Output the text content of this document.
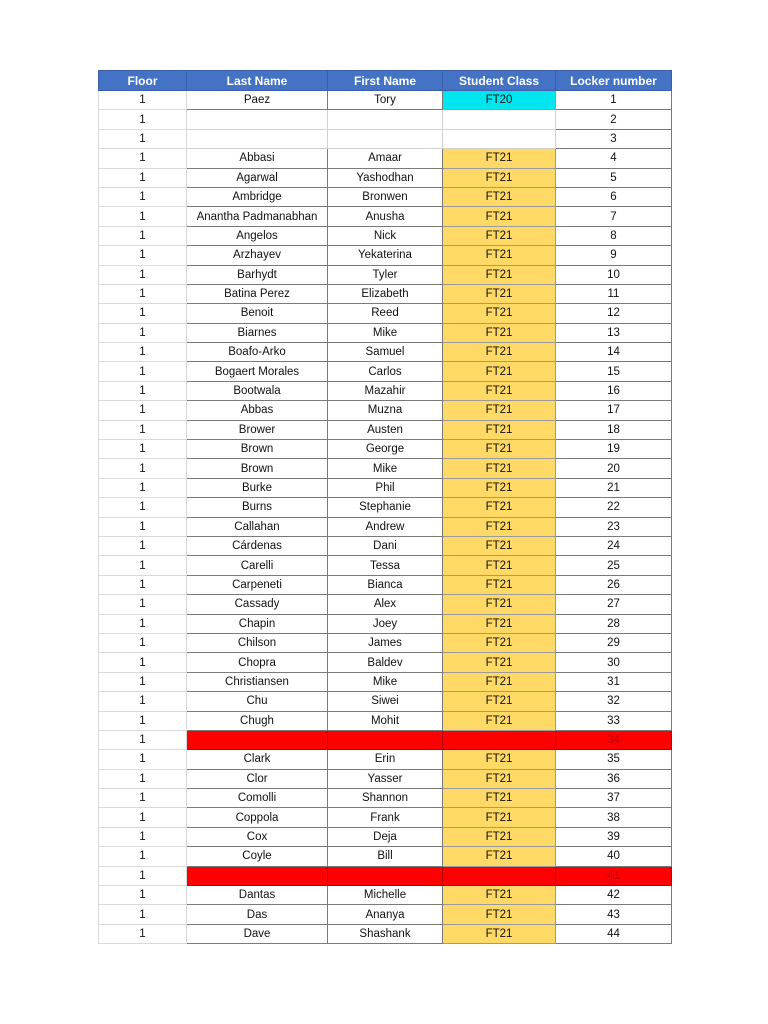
Floor	Last Name	First Name	Student Class	Locker number
1	Paez	Tory	FT20	1
1				2
1				3
1	Abbasi	Amaar	FT21	4
1	Agarwal	Yashodhan	FT21	5
1	Ambridge	Bronwen	FT21	6
1	Anantha Padmanabhan	Anusha	FT21	7
1	Angelos	Nick	FT21	8
1	Arzhayev	Yekaterina	FT21	9
1	Barhydt	Tyler	FT21	10
1	Batina Perez	Elizabeth	FT21	11
1	Benoit	Reed	FT21	12
1	Biarnes	Mike	FT21	13
1	Boafo-Arko	Samuel	FT21	14
1	Bogaert Morales	Carlos	FT21	15
1	Bootwala	Mazahir	FT21	16
1	Abbas	Muzna	FT21	17
1	Brower	Austen	FT21	18
1	Brown	George	FT21	19
1	Brown	Mike	FT21	20
1	Burke	Phil	FT21	21
1	Burns	Stephanie	FT21	22
1	Callahan	Andrew	FT21	23
1	Cárdenas	Dani	FT21	24
1	Carelli	Tessa	FT21	25
1	Carpeneti	Bianca	FT21	26
1	Cassady	Alex	FT21	27
1	Chapin	Joey	FT21	28
1	Chilson	James	FT21	29
1	Chopra	Baldev	FT21	30
1	Christiansen	Mike	FT21	31
1	Chu	Siwei	FT21	32
1	Chugh	Mohit	FT21	33
1				34
1	Clark	Erin	FT21	35
1	Clor	Yasser	FT21	36
1	Comolli	Shannon	FT21	37
1	Coppola	Frank	FT21	38
1	Cox	Deja	FT21	39
1	Coyle	Bill	FT21	40
1				41
1	Dantas	Michelle	FT21	42
1	Das	Ananya	FT21	43
1	Dave	Shashank	FT21	44
